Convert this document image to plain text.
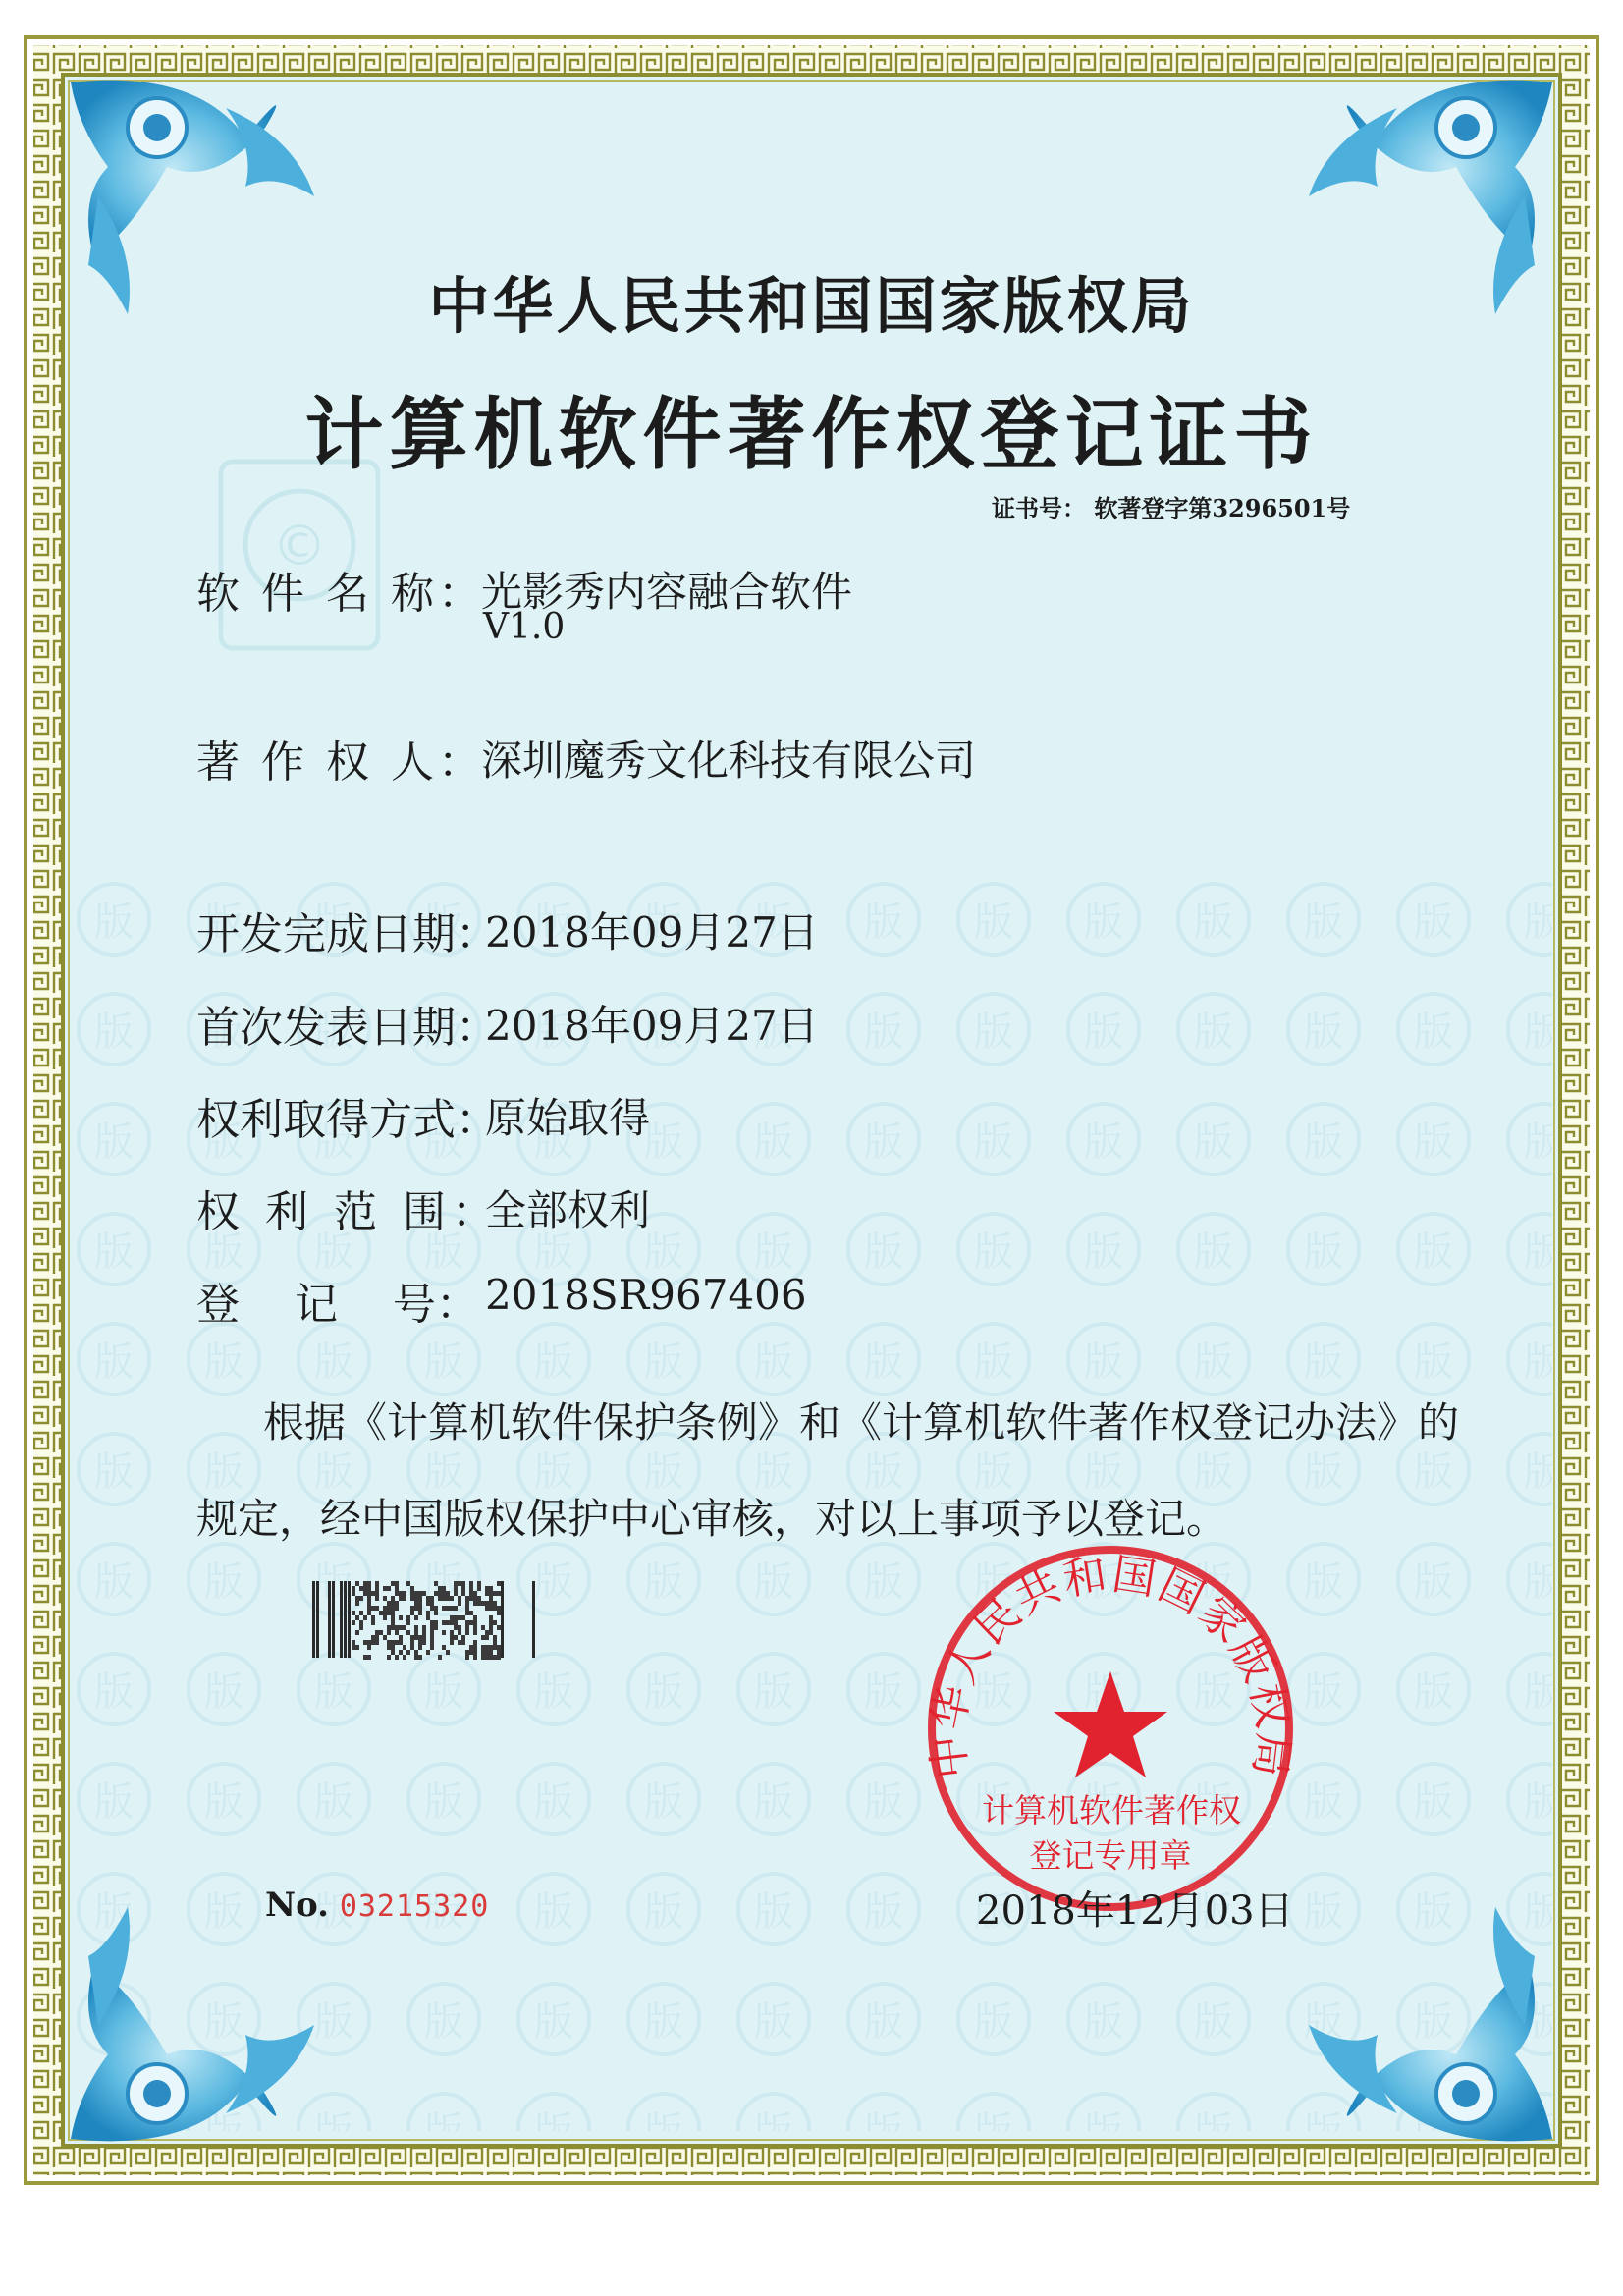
©
中华人民共和国国家版权局
中华人民共和国国家版权局
计算机软件著作权登记证书
证书号： 软著登字第3296501号
软 件 名 称：
光影秀内容融合软件
V1.0
著 作 权 人：
深圳魔秀文化科技有限公司
开发完成日期：
2018年09月27日
首次发表日期：
2018年09月27日
权利取得方式：
原始取得
权 利 范 围：
全部权利
登    记    号： 2018SR967406
根据《计算机软件保护条例》和《计算机软件著作权登记办法》的
规定，经中国版权保护中心审核，对以上事项予以登记。
计算机软件著作权
登记专用章
No. 03215320	2018年12月03日
